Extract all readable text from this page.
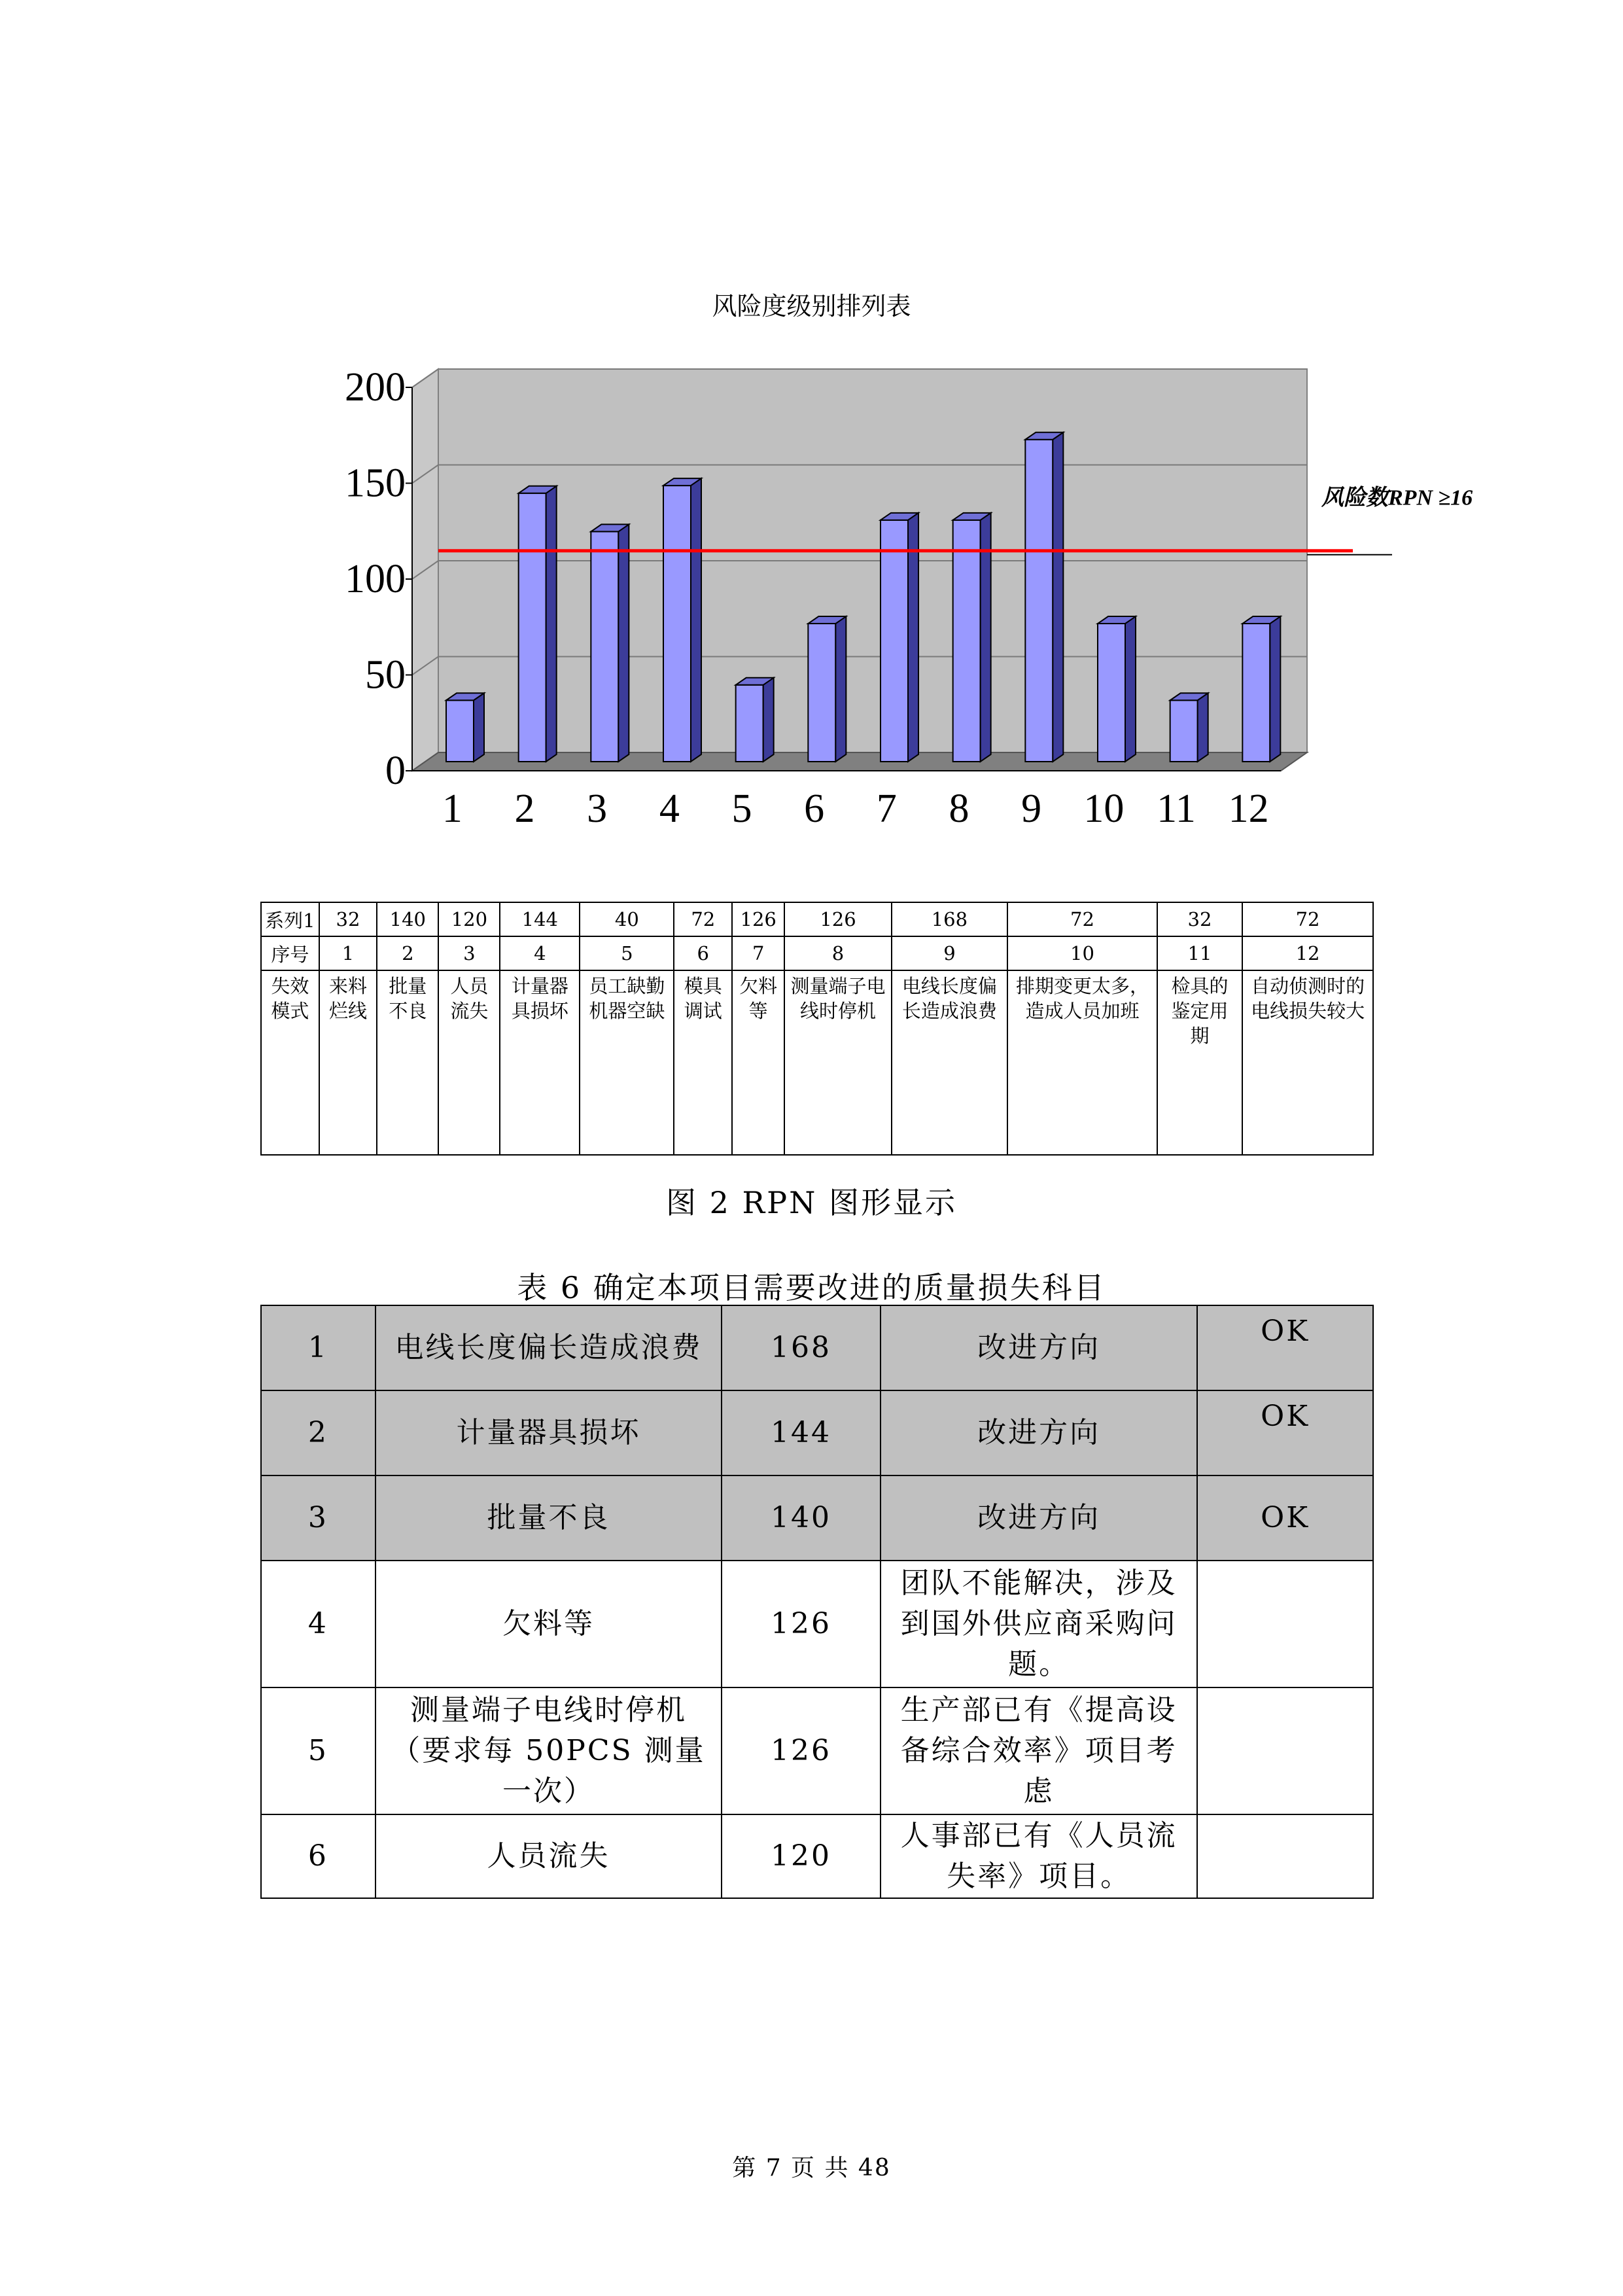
风险度级别排列表
风险数RPN ≥16
0
50
100
150
200
1 2 3 4 5 6 7 8 9 10 11 12
系列1	32	140	120	144	40	72	126	126	168	72	32	72
序号	1	2	3	4	5	6	7	8	9	10	11	12
失效模式	来料烂线	批量不良	人员流失	计量器具损坏	员工缺勤机器空缺	模具调试	欠料等	测量端子电线时停机	电线长度偏长造成浪费	排期变更太多，造成人员加班	检具的鉴定用期	自动侦测时的电线损失较大
图 2 RPN 图形显示
表 6 确定本项目需要改进的质量损失科目
1	电线长度偏长造成浪费	168	改进方向	OK
2	计量器具损坏	144	改进方向	OK
3	批量不良	140	改进方向	OK
4	欠料等	126	团队不能解决，涉及到国外供应商采购问题。	
5	测量端子电线时停机（要求每 50PCS 测量一次）	126	生产部已有《提高设备综合效率》项目考虑	
6	人员流失	120	人事部已有《人员流失率》项目。	
第 7 页 共 48
